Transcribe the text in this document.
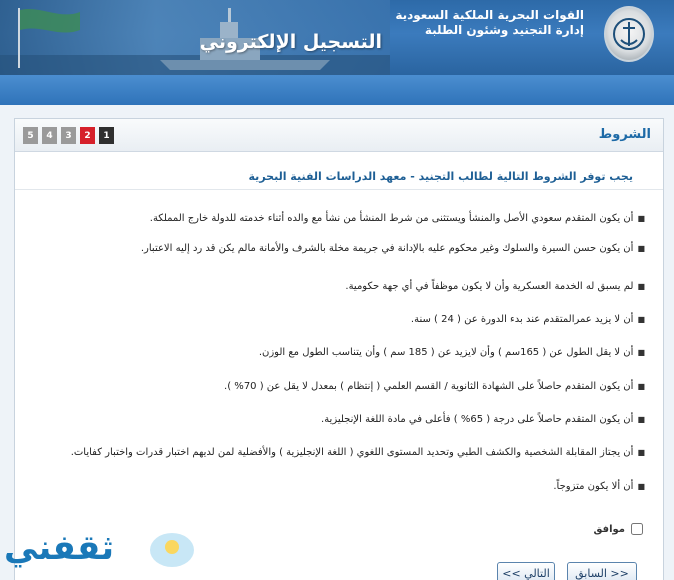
القوات البحرية الملكية السعودية
إدارة التجنيد وشئون الطلبة
التسجيل الإلكتروني
الشروط
5	4	3	2	1
يجب توفر الشروط التالية لطالب التجنيد - معهد الدراسات الفنية البحرية
■أن يكون المتقدم سعودي الأصل والمنشأ ويستثنى من شرط المنشأ من نشأ مع والده أثناء خدمته للدولة خارج المملكة.
■أن يكون حسن السيرة والسلوك وغير محكوم عليه بالإدانة في جريمة مخلة بالشرف والأمانة مالم يكن قد رد إليه الاعتبار.
■لم يسبق له الخدمة العسكرية وأن لا يكون موظفاً في أي جهة حكومية.
■أن لا يزيد عمرالمتقدم عند بدء الدورة عن ( 24 ) سنة.
■أن لا يقل الطول عن ( 165سم ) وأن لايزيد عن ( 185 سم ) وأن يتناسب الطول مع الوزن.
■أن يكون المتقدم حاصلاً على الشهادة الثانوية / القسم العلمي ( إنتظام ) بمعدل لا يقل عن ( 70% ).
■أن يكون المتقدم حاصلاً على درجة ( 65% ) فأعلى في مادة اللغة الإنجليزية.
■أن يجتاز المقابلة الشخصية والكشف الطبي وتحديد المستوى اللغوي ( اللغة الإنجليزية ) والأفضلية لمن لديهم اختبار قدرات واختبار كفايات.
■أن ألا يكون متزوجاً.
موافق
<< السابق
التالي >>
ثقفني
